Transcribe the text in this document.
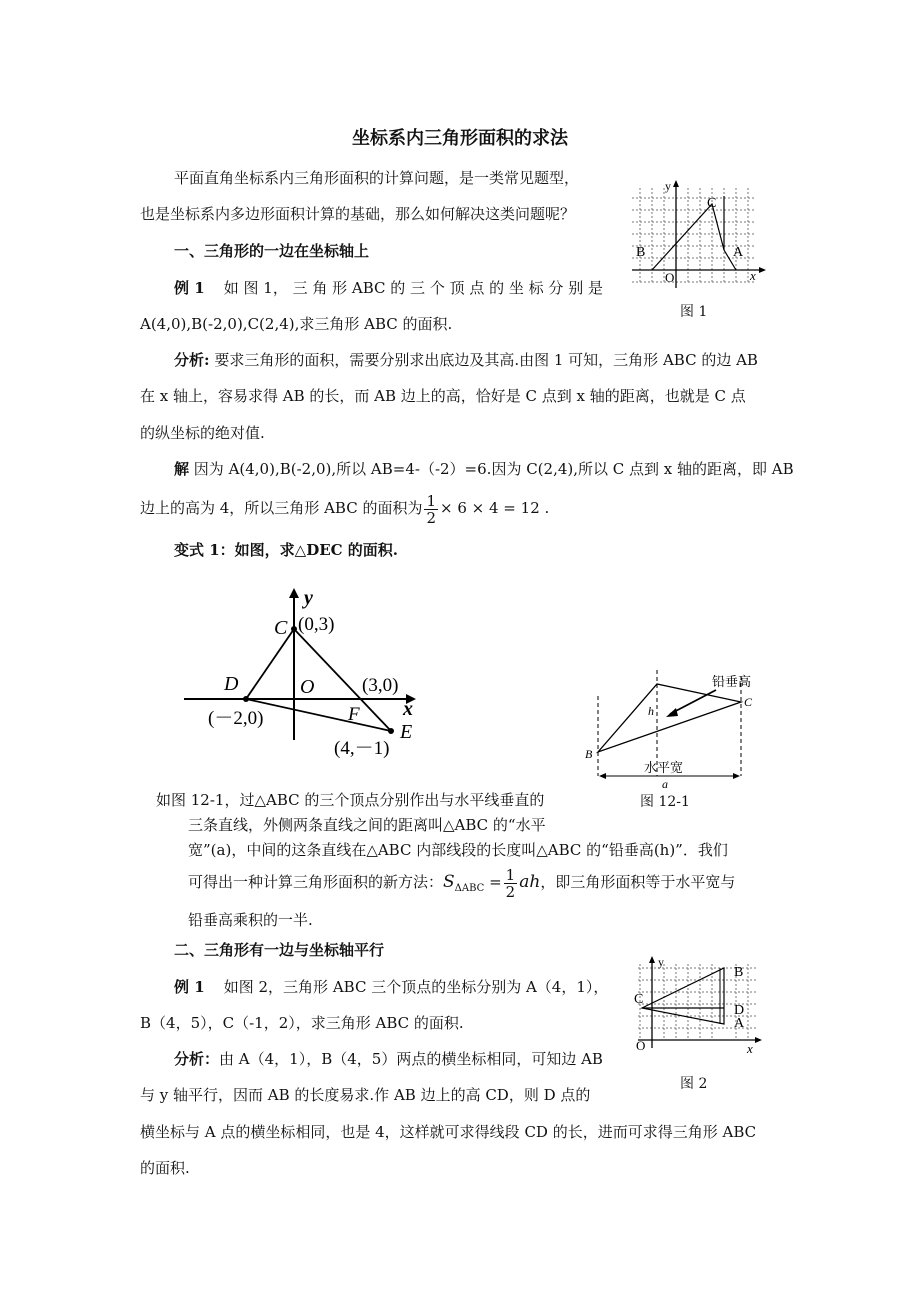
坐标系内三角形面积的求法
平面直角坐标系内三角形面积的计算问题，是一类常见题型，
也是坐标系内多边形面积计算的基础，那么如何解决这类问题呢？
一、三角形的一边在坐标轴上
例 1 如 图 1， 三 角 形 ABC 的 三 个 顶 点 的 坐 标 分 别 是
A(4,0),B(-2,0),C(2,4),求三角形 ABC 的面积.
分析: 要求三角形的面积，需要分别求出底边及其高.由图 1 可知，三角形 ABC 的边 AB
在 x 轴上，容易求得 AB 的长，而 AB 边上的高，恰好是 C 点到 x 轴的距离，也就是 C 点
的纵坐标的绝对值.
解 因为 A(4,0),B(-2,0),所以 AB=4-（-2）=6.因为 C(2,4),所以 C 点到 x 轴的距离，即 AB
边上的高为 4，所以三角形 ABC 的面积为 $\frac{1}{2} \times 6 \times 4 = 12$ .
变式 1：如图，求△DEC 的面积.
y
x
O
B
C
A
图 1
y
x
C (0,3)
D
(－2,0)
O	(3,0)
F
E
(4,－1)
铅垂高
h
水平宽
a
B
C
图 12-1
如图 12-1，过△ABC 的三个顶点分别作出与水平线垂直的
三条直线，外侧两条直线之间的距离叫△ABC 的“水平
宽”(a)，中间的这条直线在△ABC 内部线段的长度叫△ABC 的“铅垂高(h)”．我们
可得出一种计算三角形面积的新方法：$S_{\Delta ABC} = \frac{1}{2}$ ah，即三角形面积等于水平宽与
铅垂高乘积的一半.
二、三角形有一边与坐标轴平行
例 1 如图 2，三角形 ABC 三个顶点的坐标分别为 A（4，1），
B（4，5），C（-1，2），求三角形 ABC 的面积.
分析：由 A（4，1），B（4，5）两点的横坐标相同，可知边 AB
与 y 轴平行，因而 AB 的长度易求.作 AB 边上的高 CD，则 D 点的
横坐标与 A 点的横坐标相同，也是 4，这样就可求得线段 CD 的长，进而可求得三角形 ABC
的面积.
y
x
O
C
B
D
A
图 2
